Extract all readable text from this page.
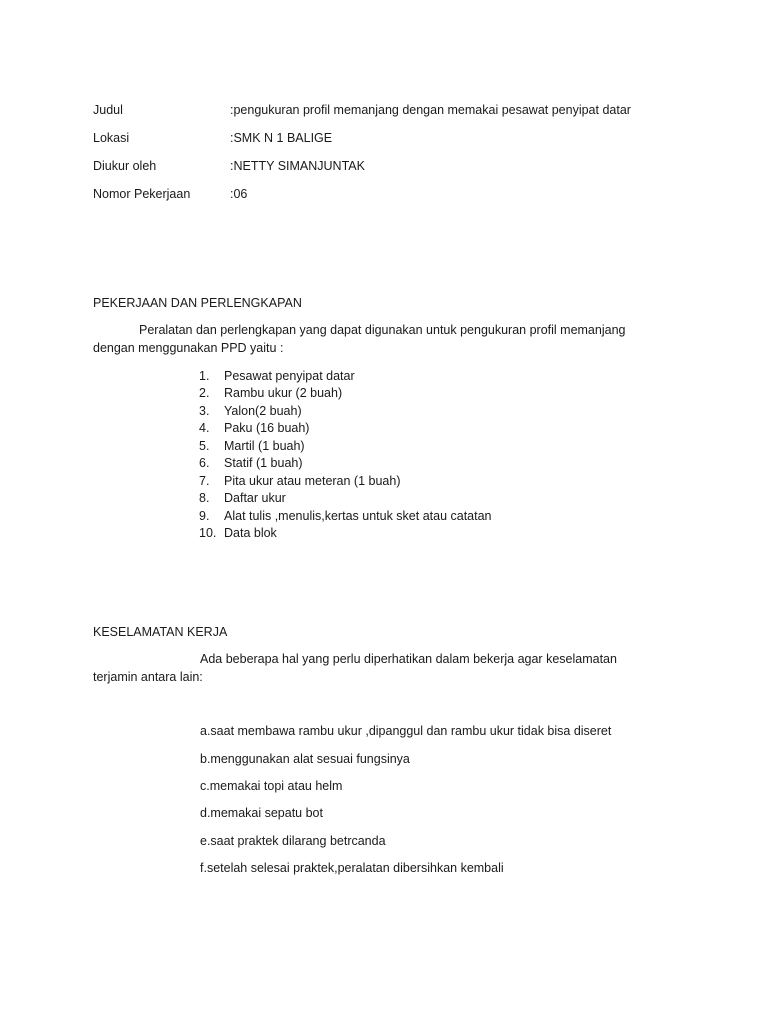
Judul	:pengukuran profil memanjang dengan memakai pesawat penyipat datar
Lokasi	:SMK N 1 BALIGE
Diukur oleh	:NETTY SIMANJUNTAK
Nomor Pekerjaan	:06
PEKERJAAN DAN PERLENGKAPAN
Peralatan dan perlengkapan yang dapat digunakan untuk pengukuran profil memanjang
dengan menggunakan PPD yaitu :
1. Pesawat penyipat datar
2. Rambu ukur (2 buah)
3. Yalon(2 buah)
4. Paku (16 buah)
5. Martil (1 buah)
6. Statif (1 buah)
7. Pita ukur atau meteran (1 buah)
8. Daftar ukur
9. Alat tulis ,menulis,kertas untuk sket atau catatan
10. Data blok
KESELAMATAN KERJA
Ada beberapa hal yang perlu diperhatikan dalam bekerja agar keselamatan
terjamin antara lain:
a.saat membawa rambu ukur ,dipanggul dan rambu ukur tidak bisa diseret
b.menggunakan alat sesuai fungsinya
c.memakai topi atau helm
d.memakai sepatu bot
e.saat praktek dilarang betrcanda
f.setelah selesai praktek,peralatan dibersihkan kembali
